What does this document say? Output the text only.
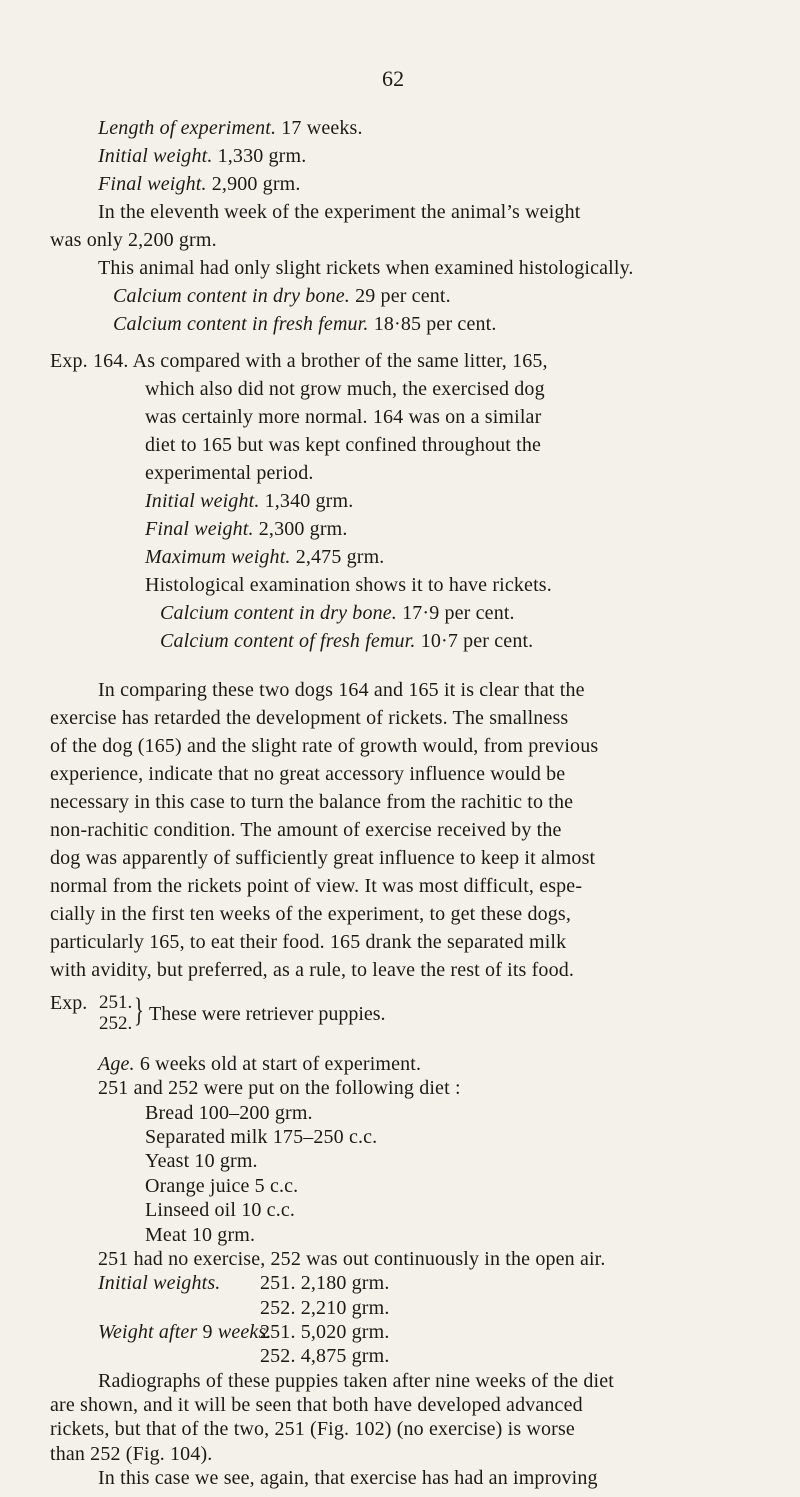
62
Length of experiment. 17 weeks.
Initial weight. 1,330 grm.
Final weight. 2,900 grm.
In the eleventh week of the experiment the animal’s weight
was only 2,200 grm.
This animal had only slight rickets when examined histologically.
Calcium content in dry bone. 29 per cent.
Calcium content in fresh femur. 18·85 per cent.
Exp. 164. As compared with a brother of the same litter, 165,
which also did not grow much, the exercised dog
was certainly more normal. 164 was on a similar
diet to 165 but was kept confined throughout the
experimental period.
Initial weight. 1,340 grm.
Final weight. 2,300 grm.
Maximum weight. 2,475 grm.
Histological examination shows it to have rickets.
Calcium content in dry bone. 17·9 per cent.
Calcium content of fresh femur. 10·7 per cent.
In comparing these two dogs 164 and 165 it is clear that the
exercise has retarded the development of rickets. The smallness
of the dog (165) and the slight rate of growth would, from previous
experience, indicate that no great accessory influence would be
necessary in this case to turn the balance from the rachitic to the
non-rachitic condition. The amount of exercise received by the
dog was apparently of sufficiently great influence to keep it almost
normal from the rickets point of view. It was most difficult, espe-
cially in the first ten weeks of the experiment, to get these dogs,
particularly 165, to eat their food. 165 drank the separated milk
with avidity, but preferred, as a rule, to leave the rest of its food.
Exp. 251.
252. } These were retriever puppies.
Age. 6 weeks old at start of experiment.
251 and 252 were put on the following diet :
Bread 100–200 grm.
Separated milk 175–250 c.c.
Yeast 10 grm.
Orange juice 5 c.c.
Linseed oil 10 c.c.
Meat 10 grm.
251 had no exercise, 252 was out continuously in the open air.
Initial weights. 251. 2,180 grm.
252. 2,210 grm.
Weight after 9 weeks.
251. 5,020 grm.
252. 4,875 grm.
Radiographs of these puppies taken after nine weeks of the diet
are shown, and it will be seen that both have developed advanced
rickets, but that of the two, 251 (Fig. 102) (no exercise) is worse
than 252 (Fig. 104).
In this case we see, again, that exercise has had an improving
